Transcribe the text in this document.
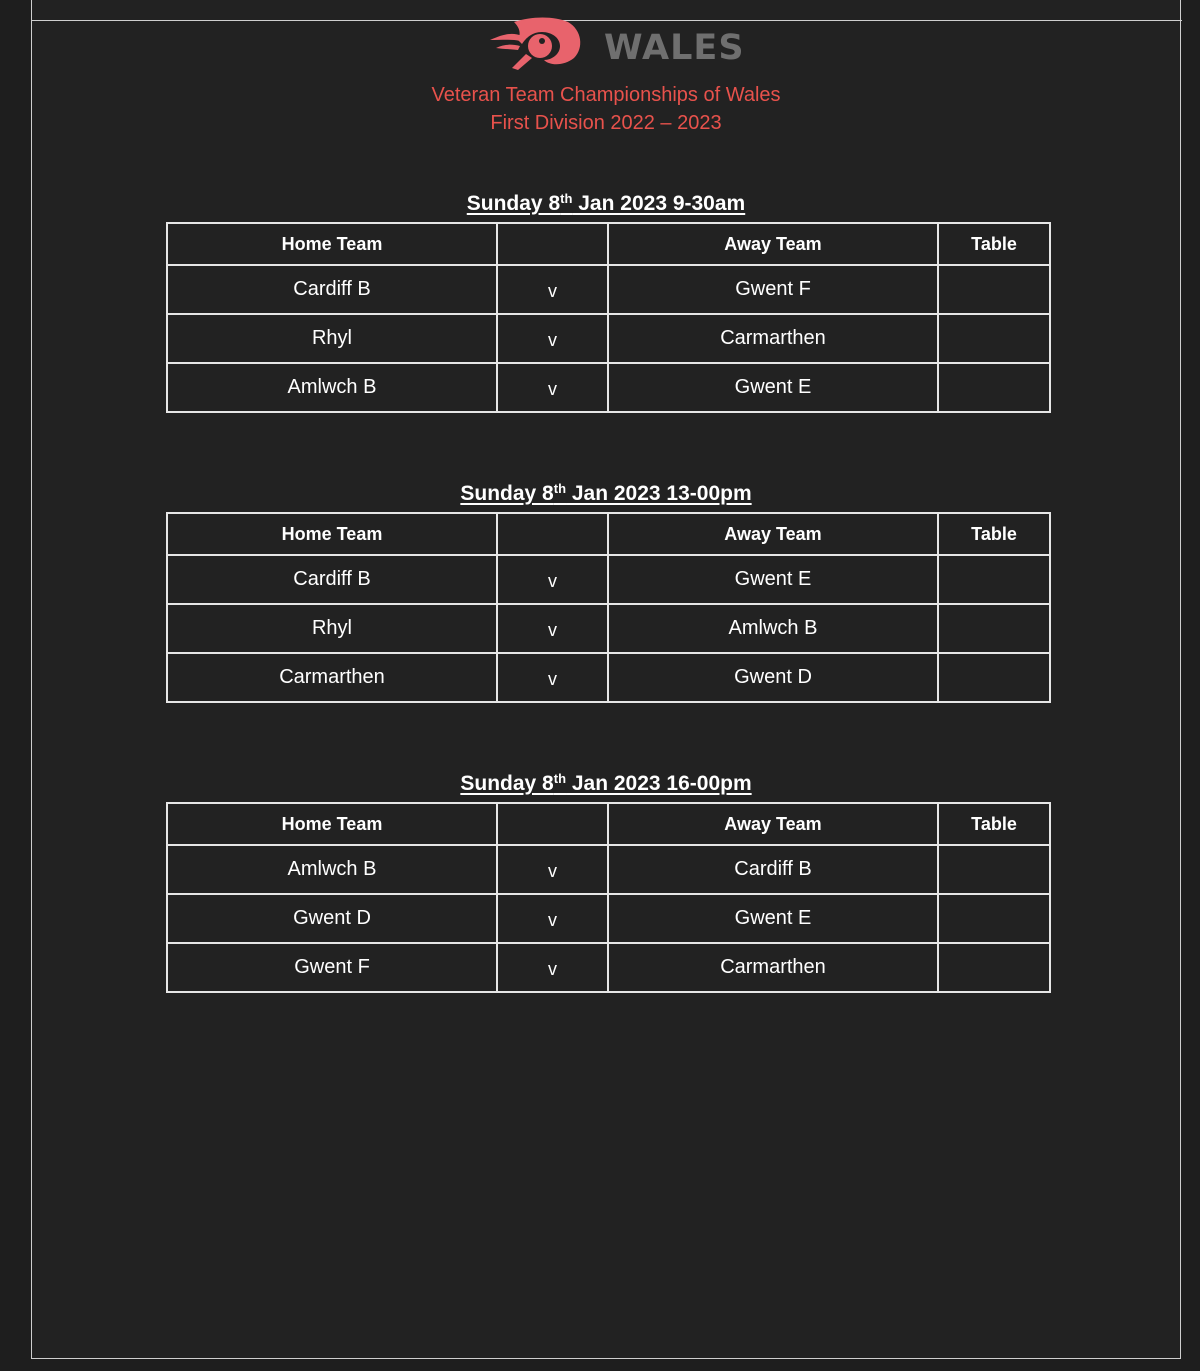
WALES
Veteran Team Championships of Wales
First Division 2022 – 2023
Sunday 8th Jan 2023 9-30am
Home Team		Away Team	Table
Cardiff B	v	Gwent F	
Rhyl	v	Carmarthen	
Amlwch B	v	Gwent E	
Sunday 8th Jan 2023 13-00pm
Home Team		Away Team	Table
Cardiff B	v	Gwent E	
Rhyl	v	Amlwch B	
Carmarthen	v	Gwent D	
Sunday 8th Jan 2023 16-00pm
Home Team		Away Team	Table
Amlwch B	v	Cardiff B	
Gwent D	v	Gwent E	
Gwent F	v	Carmarthen	
